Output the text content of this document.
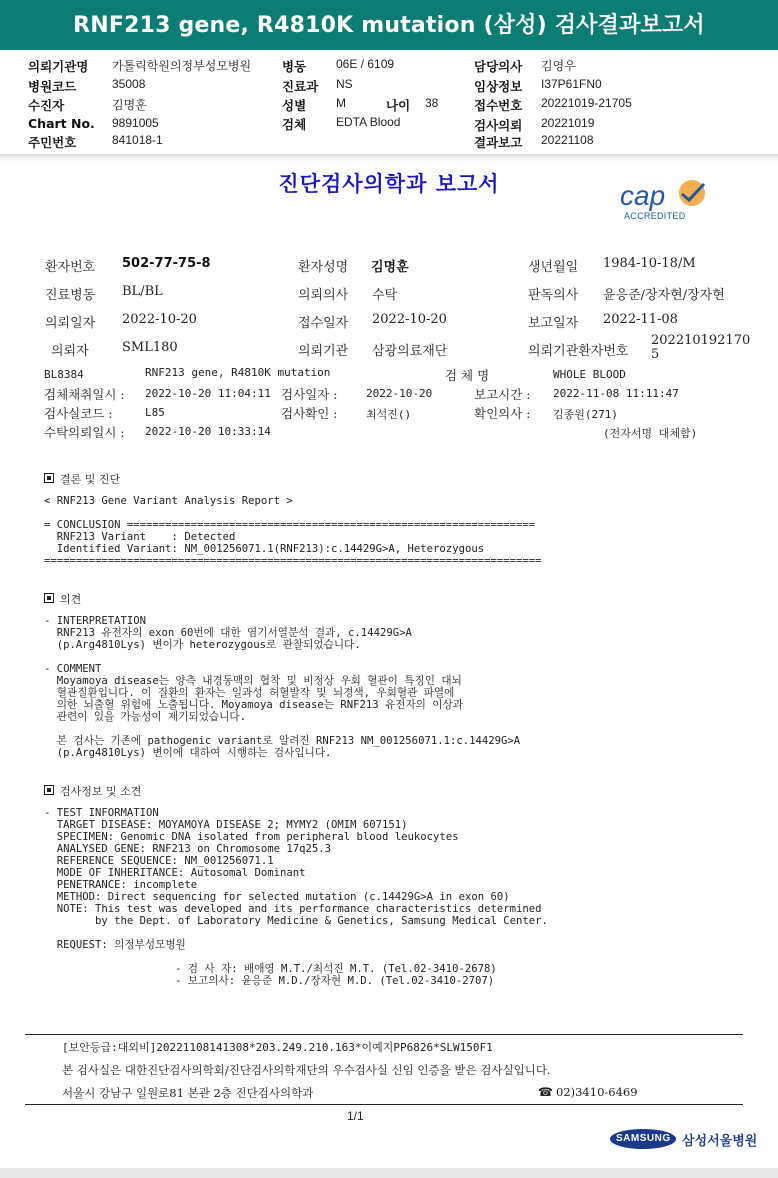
RNF213 gene, R4810K mutation (삼성) 검사결과보고서
의뢰기관명 가톨릭학원의정부성모병원 병동 06E / 6109	담당의사 김영우
병원코드	35008	진료과 NS	임상정보 I37P61FN0
수진자	김명훈	성별 M	나이 38	접수번호 20221019-21705
Chart No. 9891005	검체 EDTA Blood	검사의뢰 20221019
주민번호	841018-1	결과보고 20221108
진단검사의학과 보고서	cap
ACCREDITED
환자번호 502-77-75-8	환자성명 김명훈	생년월일 1984-10-18/M
진료병동 BL/BL	의뢰의사 수탁	판독의사 윤응준/장자현/장자현
의뢰일자 2022-10-20	접수일자 2022-10-20	보고일자 2022-11-08
의뢰자	SML180	의뢰기관 삼광의료재단	의뢰기관환자번호
202210192170
5
BL8384	RNF213 gene, R4810K mutation	검 체 명	WHOLE BLOOD
검체채취일시 : 2022-10-20 11:04:11 검사일자 :	2022-10-20	보고시간 : 2022-11-08 11:11:47
검사실코드 :	L85	검사확인 :	최석진()	확인의사 : 김종원(271)
수탁의뢰일시 : 2022-10-20 10:33:14	(전자서명 대체함)
결론 및 진단
< RNF213 Gene Variant Analysis Report >

= CONCLUSION ================================================================
RNF213 Variant    : Detected
Identified Variant: NM_001256071.1(RNF213):c.14429G>A, Heterozygous
==============================================================================
의견
- INTERPRETATION
RNF213 유전자의 exon 60번에 대한 염기서열분석 결과, c.14429G>A
(p.Arg4810Lys) 변이가 heterozygous로 관찰되었습니다.

- COMMENT
Moyamoya disease는 양측 내경동맥의 협착 및 비정상 우회 혈관이 특징인 대뇌
혈관질환입니다. 이 질환의 환자는 일과성 허혈발작 및 뇌경색, 우회혈관 파열에
의한 뇌출혈 위험에 노출됩니다. Moyamoya disease는 RNF213 유전자의 이상과
관련이 있을 가능성이 제기되었습니다.

본 검사는 기존에 pathogenic variant로 알려진 RNF213 NM_001256071.1:c.14429G>A
(p.Arg4810Lys) 변이에 대하여 시행하는 검사입니다.
검사정보 및 소견
- TEST INFORMATION
TARGET DISEASE: MOYAMOYA DISEASE 2; MYMY2 (OMIM 607151)
SPECIMEN: Genomic DNA isolated from peripheral blood leukocytes
ANALYSED GENE: RNF213 on Chromosome 17q25.3
REFERENCE SEQUENCE: NM_001256071.1
MODE OF INHERITANCE: Autosomal Dominant
PENETRANCE: incomplete
METHOD: Direct sequencing for selected mutation (c.14429G>A in exon 60)
NOTE: This test was developed and its performance characteristics determined
by the Dept. of Laboratory Medicine & Genetics, Samsung Medical Center.

REQUEST: 의정부성모병원
- 검 사 자: 배애영 M.T./최석진 M.T. (Tel.02-3410-2678)
- 보고의사: 윤응준 M.D./장자현 M.D. (Tel.02-3410-2707)
[보안등급:대외비]20221108141308*203.249.210.163*이예지PP6826*SLW150F1
본 검사실은 대한진단검사의학회/진단검사의학재단의 우수검사실 신임 인증을 받은 검사실입니다.
서울시 강남구 일원로81 본관 2층 진단검사의학과	☎ 02)3410-6469
1/1
SAMSUNG 삼성서울병원
